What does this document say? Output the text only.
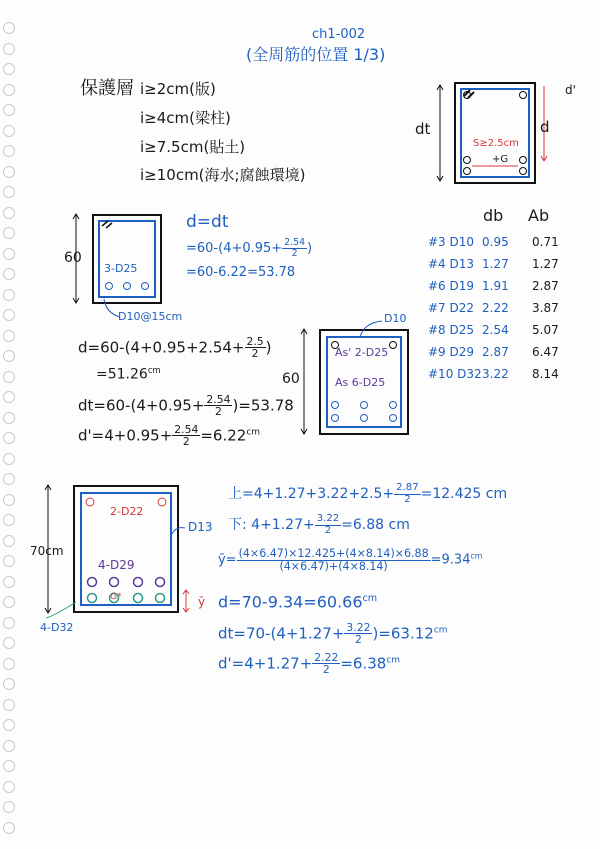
ch1-002
(全周筋的位置 1/3)
保護層 i≥2cm(版)
i≥4cm(梁柱)
i≥7.5cm(貼土)
i≥10cm(海水;腐蝕環境)
dt
d'
d
S≥2.5cm
+G
db Ab
#3 D10 0.95 0.71
#4 D13 1.27 1.27
#6 D19 1.91 2.87
#7 D22 2.22 3.87
#8 D25 2.54 5.07
#9 D29 2.87 6.47
#10 D32 3.22 8.14
60
3-D25
D10@15cm
d=dt
$=60-(4+0.95+ \frac{2.54}{2}$ )
=60-6.22=53.78
$d=60-(4+0.95+2.54+ \frac{2.5}{2}$ )
$=51.26^{cm}$
$dt=60-(4+0.95+ \frac{2.54}{2} )=53.78$
$d'=4+0.95+ \frac{2.54}{2} =6.22^{cm}$
60
D10
As' 2-D25
As 6-D25
70cm
2-D22
D13
4-D29
G*	ȳ
4-D32
上$=4+1.27+3.22+2.5+ \frac{2.87}{2} =12.425$ cm
下: $4+1.27+ \frac{3.22}{2} =6.88$ cm
ȳ= $\frac{(4\times 6.47)\times 12.425+(4\times 8.14)\times 6.88}{(4\times 6.47)+(4\times 8.14)} =9.34^{cm}$
$d=70-9.34=60.66^{cm}$
$dt=70-(4+1.27+ \frac{3.22}{2} )=63.12^{cm}$
$d'=4+1.27+ \frac{2.22}{2} =6.38^{cm}$
